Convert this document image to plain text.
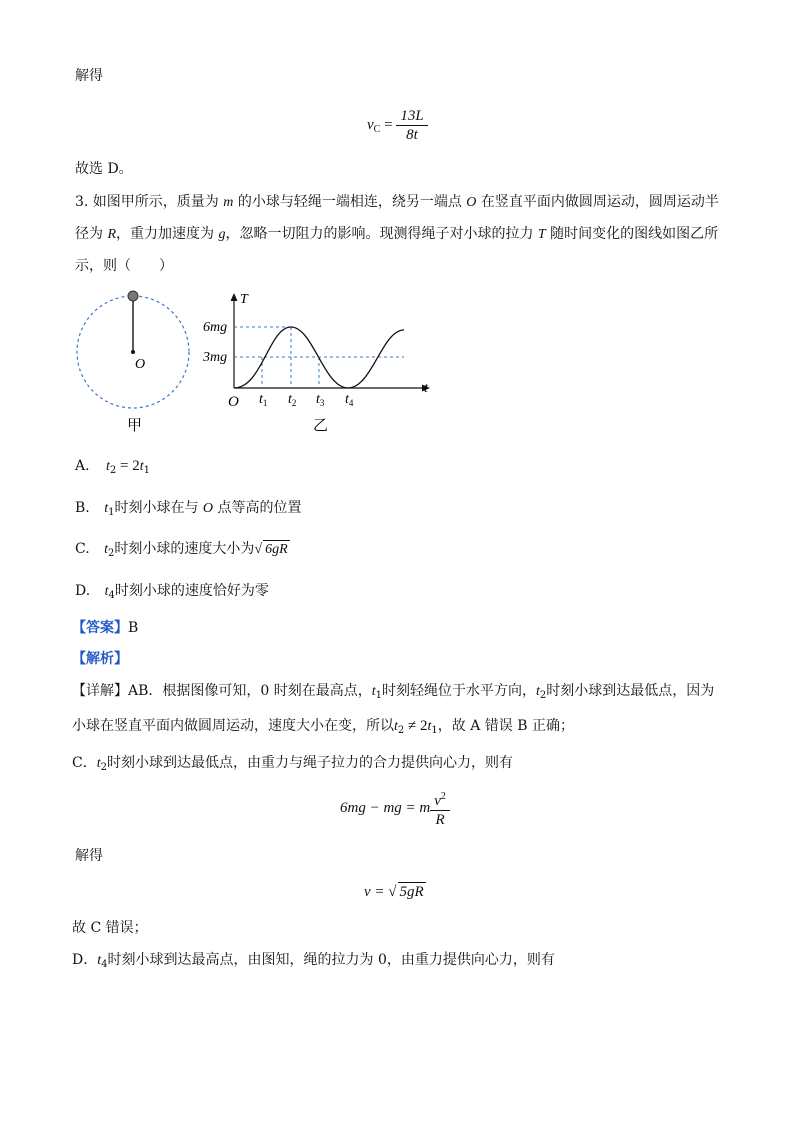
解得
$v_C = \frac{13L}{8t}$
故选 D。
3. 如图甲所示，质量为 m 的小球与轻绳一端相连，绕另一端点 O 在竖直平面内做圆周运动，圆周运动半
径为 R，重力加速度为 g，忽略一切阻力的影响。现测得绳子对小球的拉力 T 随时间变化的图线如图乙所
示，则（　　）
O
甲
T
t
6mg
3mg
O $t_1$ $t_2$ $t_3$ $t_4$
乙
A. $t_2 = 2t_1$
B. $t_1$时刻小球在与 O 点等高的位置
C. $t_2$时刻小球的速度大小为√ 6gR
D. $t_4$时刻小球的速度恰好为零
【答案】B
【解析】
【详解】AB．根据图像可知，0 时刻在最高点，$t_1$时刻轻绳位于水平方向，$t_2$时刻小球到达最低点，因为
小球在竖直平面内做圆周运动，速度大小在变，所以$t_2 \ne 2t_1$，故 A 错误 B 正确；
C．$t_2$时刻小球到达最低点，由重力与绳子拉力的合力提供向心力，则有
6mg − mg = m $\frac{v^2}{R}$
解得
v = √ 5gR
故 C 错误；
D．$t_4$时刻小球到达最高点，由图知，绳的拉力为 0，由重力提供向心力，则有
